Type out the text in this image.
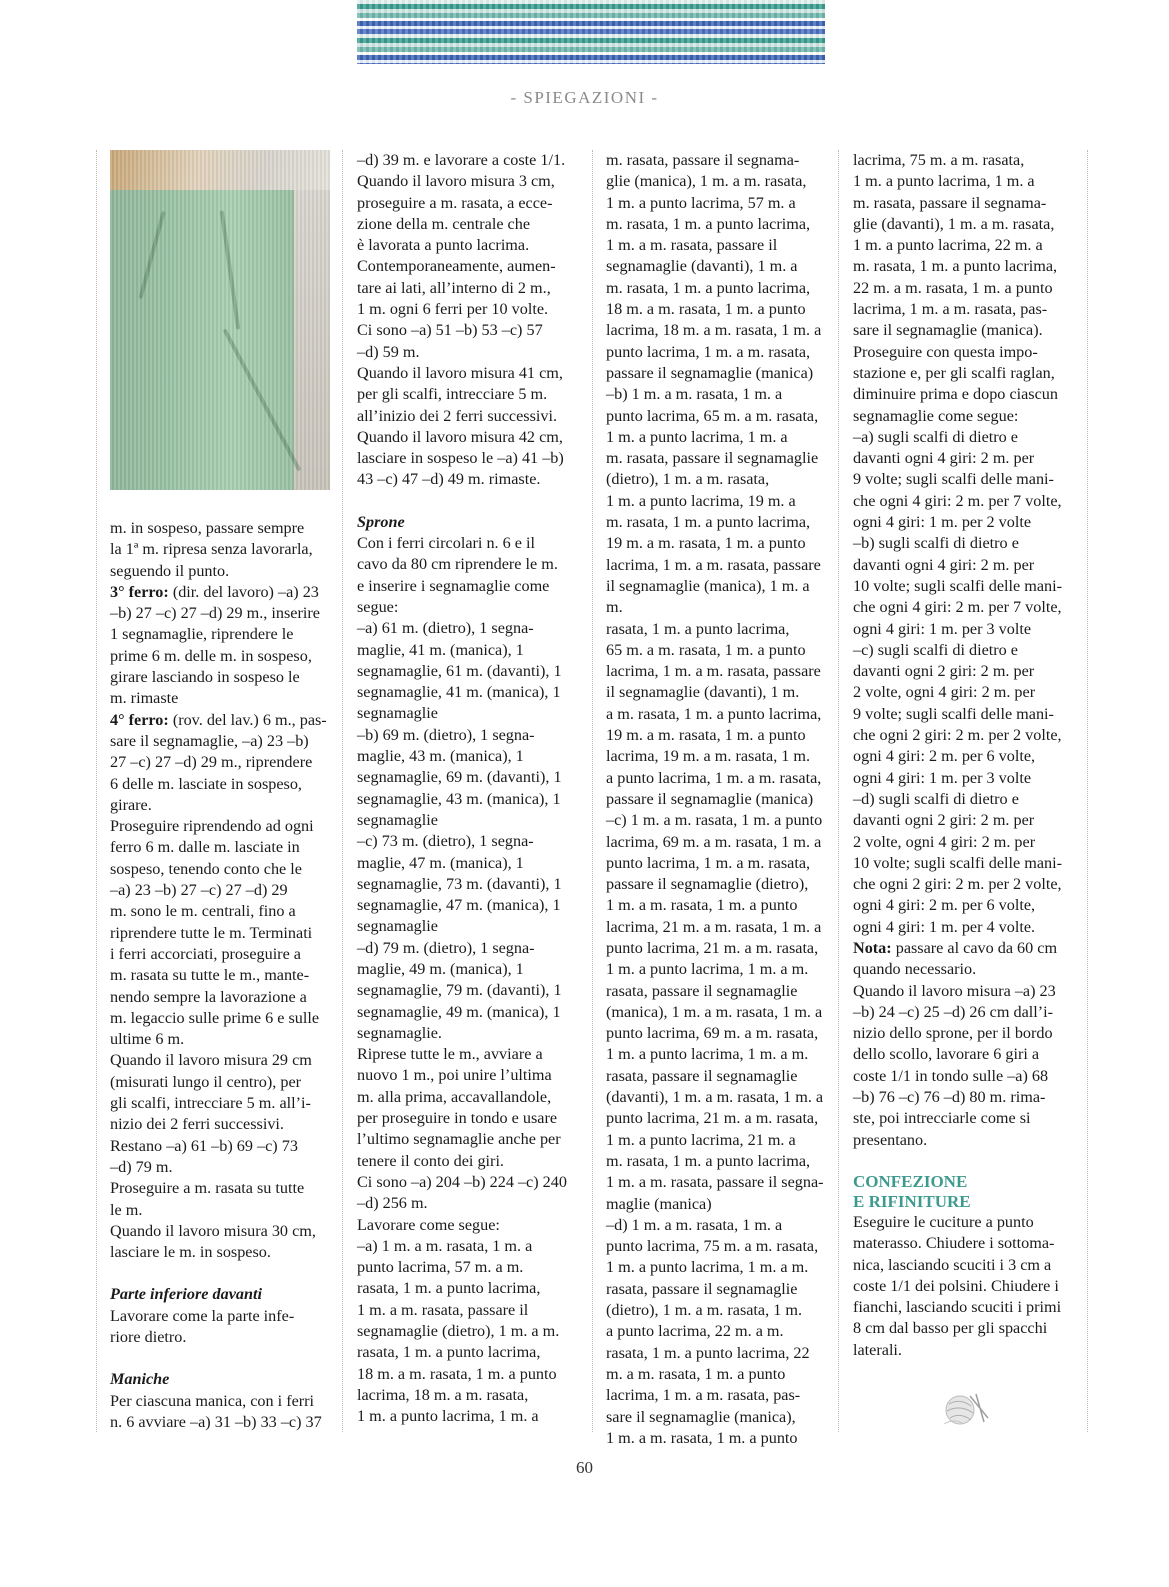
- SPIEGAZIONI -

m. in sospeso, passare sempre
la 1ª m. ripresa senza lavorarla,
seguendo il punto.

3° ferro: (dir. del lavoro) –a) 23
–b) 27 –c) 27 –d) 29 m., inserire
1 segnamaglie, riprendere le
prime 6 m. delle m. in sospeso,
girare lasciando in sospeso le
m. rimaste

4° ferro: (rov. del lav.) 6 m., pas-
sare il segnamaglie, –a) 23 –b)
27 –c) 27 –d) 29 m., riprendere
6 delle m. lasciate in sospeso,
girare.

Proseguire riprendendo ad ogni
ferro 6 m. dalle m. lasciate in
sospeso, tenendo conto che le
–a) 23 –b) 27 –c) 27 –d) 29
m. sono le m. centrali, fino a
riprendere tutte le m. Terminati
i ferri accorciati, proseguire a
m. rasata su tutte le m., mante-
nendo sempre la lavorazione a
m. legaccio sulle prime 6 e sulle
ultime 6 m.

Quando il lavoro misura 29 cm
(misurati lungo il centro), per
gli scalfi, intrecciare 5 m. all’i-
nizio dei 2 ferri successivi.

Restano –a) 61 –b) 69 –c) 73
–d) 79 m.

Proseguire a m. rasata su tutte
le m.

Quando il lavoro misura 30 cm,
lasciare le m. in sospeso.

Parte inferiore davanti

Lavorare come la parte infe-
riore dietro.

Maniche

Per ciascuna manica, con i ferri
n. 6 avviare –a) 31 –b) 33 –c) 37

–d) 39 m. e lavorare a coste 1/1.
Quando il lavoro misura 3 cm,
proseguire a m. rasata, a ecce-
zione della m. centrale che
è lavorata a punto lacrima.
Contemporaneamente, aumen-
tare ai lati, all’interno di 2 m.,
1 m. ogni 6 ferri per 10 volte.
Ci sono –a) 51 –b) 53 –c) 57
–d) 59 m.
Quando il lavoro misura 41 cm,
per gli scalfi, intrecciare 5 m.
all’inizio dei 2 ferri successivi.
Quando il lavoro misura 42 cm,
lasciare in sospeso le –a) 41 –b)
43 –c) 47 –d) 49 m. rimaste.

Sprone

Con i ferri circolari n. 6 e il
cavo da 80 cm riprendere le m.
e inserire i segnamaglie come
segue:
–a) 61 m. (dietro), 1 segna-
maglie, 41 m. (manica), 1
segnamaglie, 61 m. (davanti), 1
segnamaglie, 41 m. (manica), 1
segnamaglie
–b) 69 m. (dietro), 1 segna-
maglie, 43 m. (manica), 1
segnamaglie, 69 m. (davanti), 1
segnamaglie, 43 m. (manica), 1
segnamaglie
–c) 73 m. (dietro), 1 segna-
maglie, 47 m. (manica), 1
segnamaglie, 73 m. (davanti), 1
segnamaglie, 47 m. (manica), 1
segnamaglie
–d) 79 m. (dietro), 1 segna-
maglie, 49 m. (manica), 1
segnamaglie, 79 m. (davanti), 1
segnamaglie, 49 m. (manica), 1
segnamaglie.
Riprese tutte le m., avviare a
nuovo 1 m., poi unire l’ultima
m. alla prima, accavallandole,
per proseguire in tondo e usare
l’ultimo segnamaglie anche per
tenere il conto dei giri.
Ci sono –a) 204 –b) 224 –c) 240
–d) 256 m.
Lavorare come segue:
–a) 1 m. a m. rasata, 1 m. a
punto lacrima, 57 m. a m.
rasata, 1 m. a punto lacrima,
1 m. a m. rasata, passare il
segnamaglie (dietro), 1 m. a m.
rasata, 1 m. a punto lacrima,
18 m. a m. rasata, 1 m. a punto
lacrima, 18 m. a m. rasata,
1 m. a punto lacrima, 1 m. a

m. rasata, passare il segnama-
glie (manica), 1 m. a m. rasata,
1 m. a punto lacrima, 57 m. a
m. rasata, 1 m. a punto lacrima,
1 m. a m. rasata, passare il
segnamaglie (davanti), 1 m. a
m. rasata, 1 m. a punto lacrima,
18 m. a m. rasata, 1 m. a punto
lacrima, 18 m. a m. rasata, 1 m. a
punto lacrima, 1 m. a m. rasata,
passare il segnamaglie (manica)
–b) 1 m. a m. rasata, 1 m. a
punto lacrima, 65 m. a m. rasata,
1 m. a punto lacrima, 1 m. a
m. rasata, passare il segnamaglie
(dietro), 1 m. a m. rasata,
1 m. a punto lacrima, 19 m. a
m. rasata, 1 m. a punto lacrima,
19 m. a m. rasata, 1 m. a punto
lacrima, 1 m. a m. rasata, passare
il segnamaglie (manica), 1 m. a m.
rasata, 1 m. a punto lacrima,
65 m. a m. rasata, 1 m. a punto
lacrima, 1 m. a m. rasata, passare
il segnamaglie (davanti), 1 m.
a m. rasata, 1 m. a punto lacrima,
19 m. a m. rasata, 1 m. a punto
lacrima, 19 m. a m. rasata, 1 m.
a punto lacrima, 1 m. a m. rasata,
passare il segnamaglie (manica)
–c) 1 m. a m. rasata, 1 m. a punto
lacrima, 69 m. a m. rasata, 1 m. a
punto lacrima, 1 m. a m. rasata,
passare il segnamaglie (dietro),
1 m. a m. rasata, 1 m. a punto
lacrima, 21 m. a m. rasata, 1 m. a
punto lacrima, 21 m. a m. rasata,
1 m. a punto lacrima, 1 m. a m.
rasata, passare il segnamaglie
(manica), 1 m. a m. rasata, 1 m. a
punto lacrima, 69 m. a m. rasata,
1 m. a punto lacrima, 1 m. a m.
rasata, passare il segnamaglie
(davanti), 1 m. a m. rasata, 1 m. a
punto lacrima, 21 m. a m. rasata,
1 m. a punto lacrima, 21 m. a
m. rasata, 1 m. a punto lacrima,
1 m. a m. rasata, passare il segna-
maglie (manica)
–d) 1 m. a m. rasata, 1 m. a
punto lacrima, 75 m. a m. rasata,
1 m. a punto lacrima, 1 m. a m.
rasata, passare il segnamaglie
(dietro), 1 m. a m. rasata, 1 m.
a punto lacrima, 22 m. a m.
rasata, 1 m. a punto lacrima, 22
m. a m. rasata, 1 m. a punto
lacrima, 1 m. a m. rasata, pas-
sare il segnamaglie (manica),
1 m. a m. rasata, 1 m. a punto

lacrima, 75 m. a m. rasata,
1 m. a punto lacrima, 1 m. a
m. rasata, passare il segnama-
glie (davanti), 1 m. a m. rasata,
1 m. a punto lacrima, 22 m. a
m. rasata, 1 m. a punto lacrima,
22 m. a m. rasata, 1 m. a punto
lacrima, 1 m. a m. rasata, pas-
sare il segnamaglie (manica).
Proseguire con questa impo-
stazione e, per gli scalfi raglan,
diminuire prima e dopo ciascun
segnamaglie come segue:
–a) sugli scalfi di dietro e
davanti ogni 4 giri: 2 m. per
9 volte; sugli scalfi delle mani-
che ogni 4 giri: 2 m. per 7 volte,
ogni 4 giri: 1 m. per 2 volte
–b) sugli scalfi di dietro e
davanti ogni 4 giri: 2 m. per
10 volte; sugli scalfi delle mani-
che ogni 4 giri: 2 m. per 7 volte,
ogni 4 giri: 1 m. per 3 volte
–c) sugli scalfi di dietro e
davanti ogni 2 giri: 2 m. per
2 volte, ogni 4 giri: 2 m. per
9 volte; sugli scalfi delle mani-
che ogni 2 giri: 2 m. per 2 volte,
ogni 4 giri: 2 m. per 6 volte,
ogni 4 giri: 1 m. per 3 volte
–d) sugli scalfi di dietro e
davanti ogni 2 giri: 2 m. per
2 volte, ogni 4 giri: 2 m. per
10 volte; sugli scalfi delle mani-
che ogni 2 giri: 2 m. per 2 volte,
ogni 4 giri: 2 m. per 6 volte,
ogni 4 giri: 1 m. per 4 volte.

Nota: passare al cavo da 60 cm
quando necessario.

Quando il lavoro misura –a) 23
–b) 24 –c) 25 –d) 26 cm dall’i-
nizio dello sprone, per il bordo
dello scollo, lavorare 6 giri a
coste 1/1 in tondo sulle –a) 68
–b) 76 –c) 76 –d) 80 m. rima-
ste, poi intrecciarle come si
presentano.

CONFEZIONE
E RIFINITURE

Eseguire le cuciture a punto
materasso. Chiudere i sottoma-
nica, lasciando scuciti i 3 cm a
coste 1/1 dei polsini. Chiudere i
fianchi, lasciando scuciti i primi
8 cm dal basso per gli spacchi
laterali.

60
